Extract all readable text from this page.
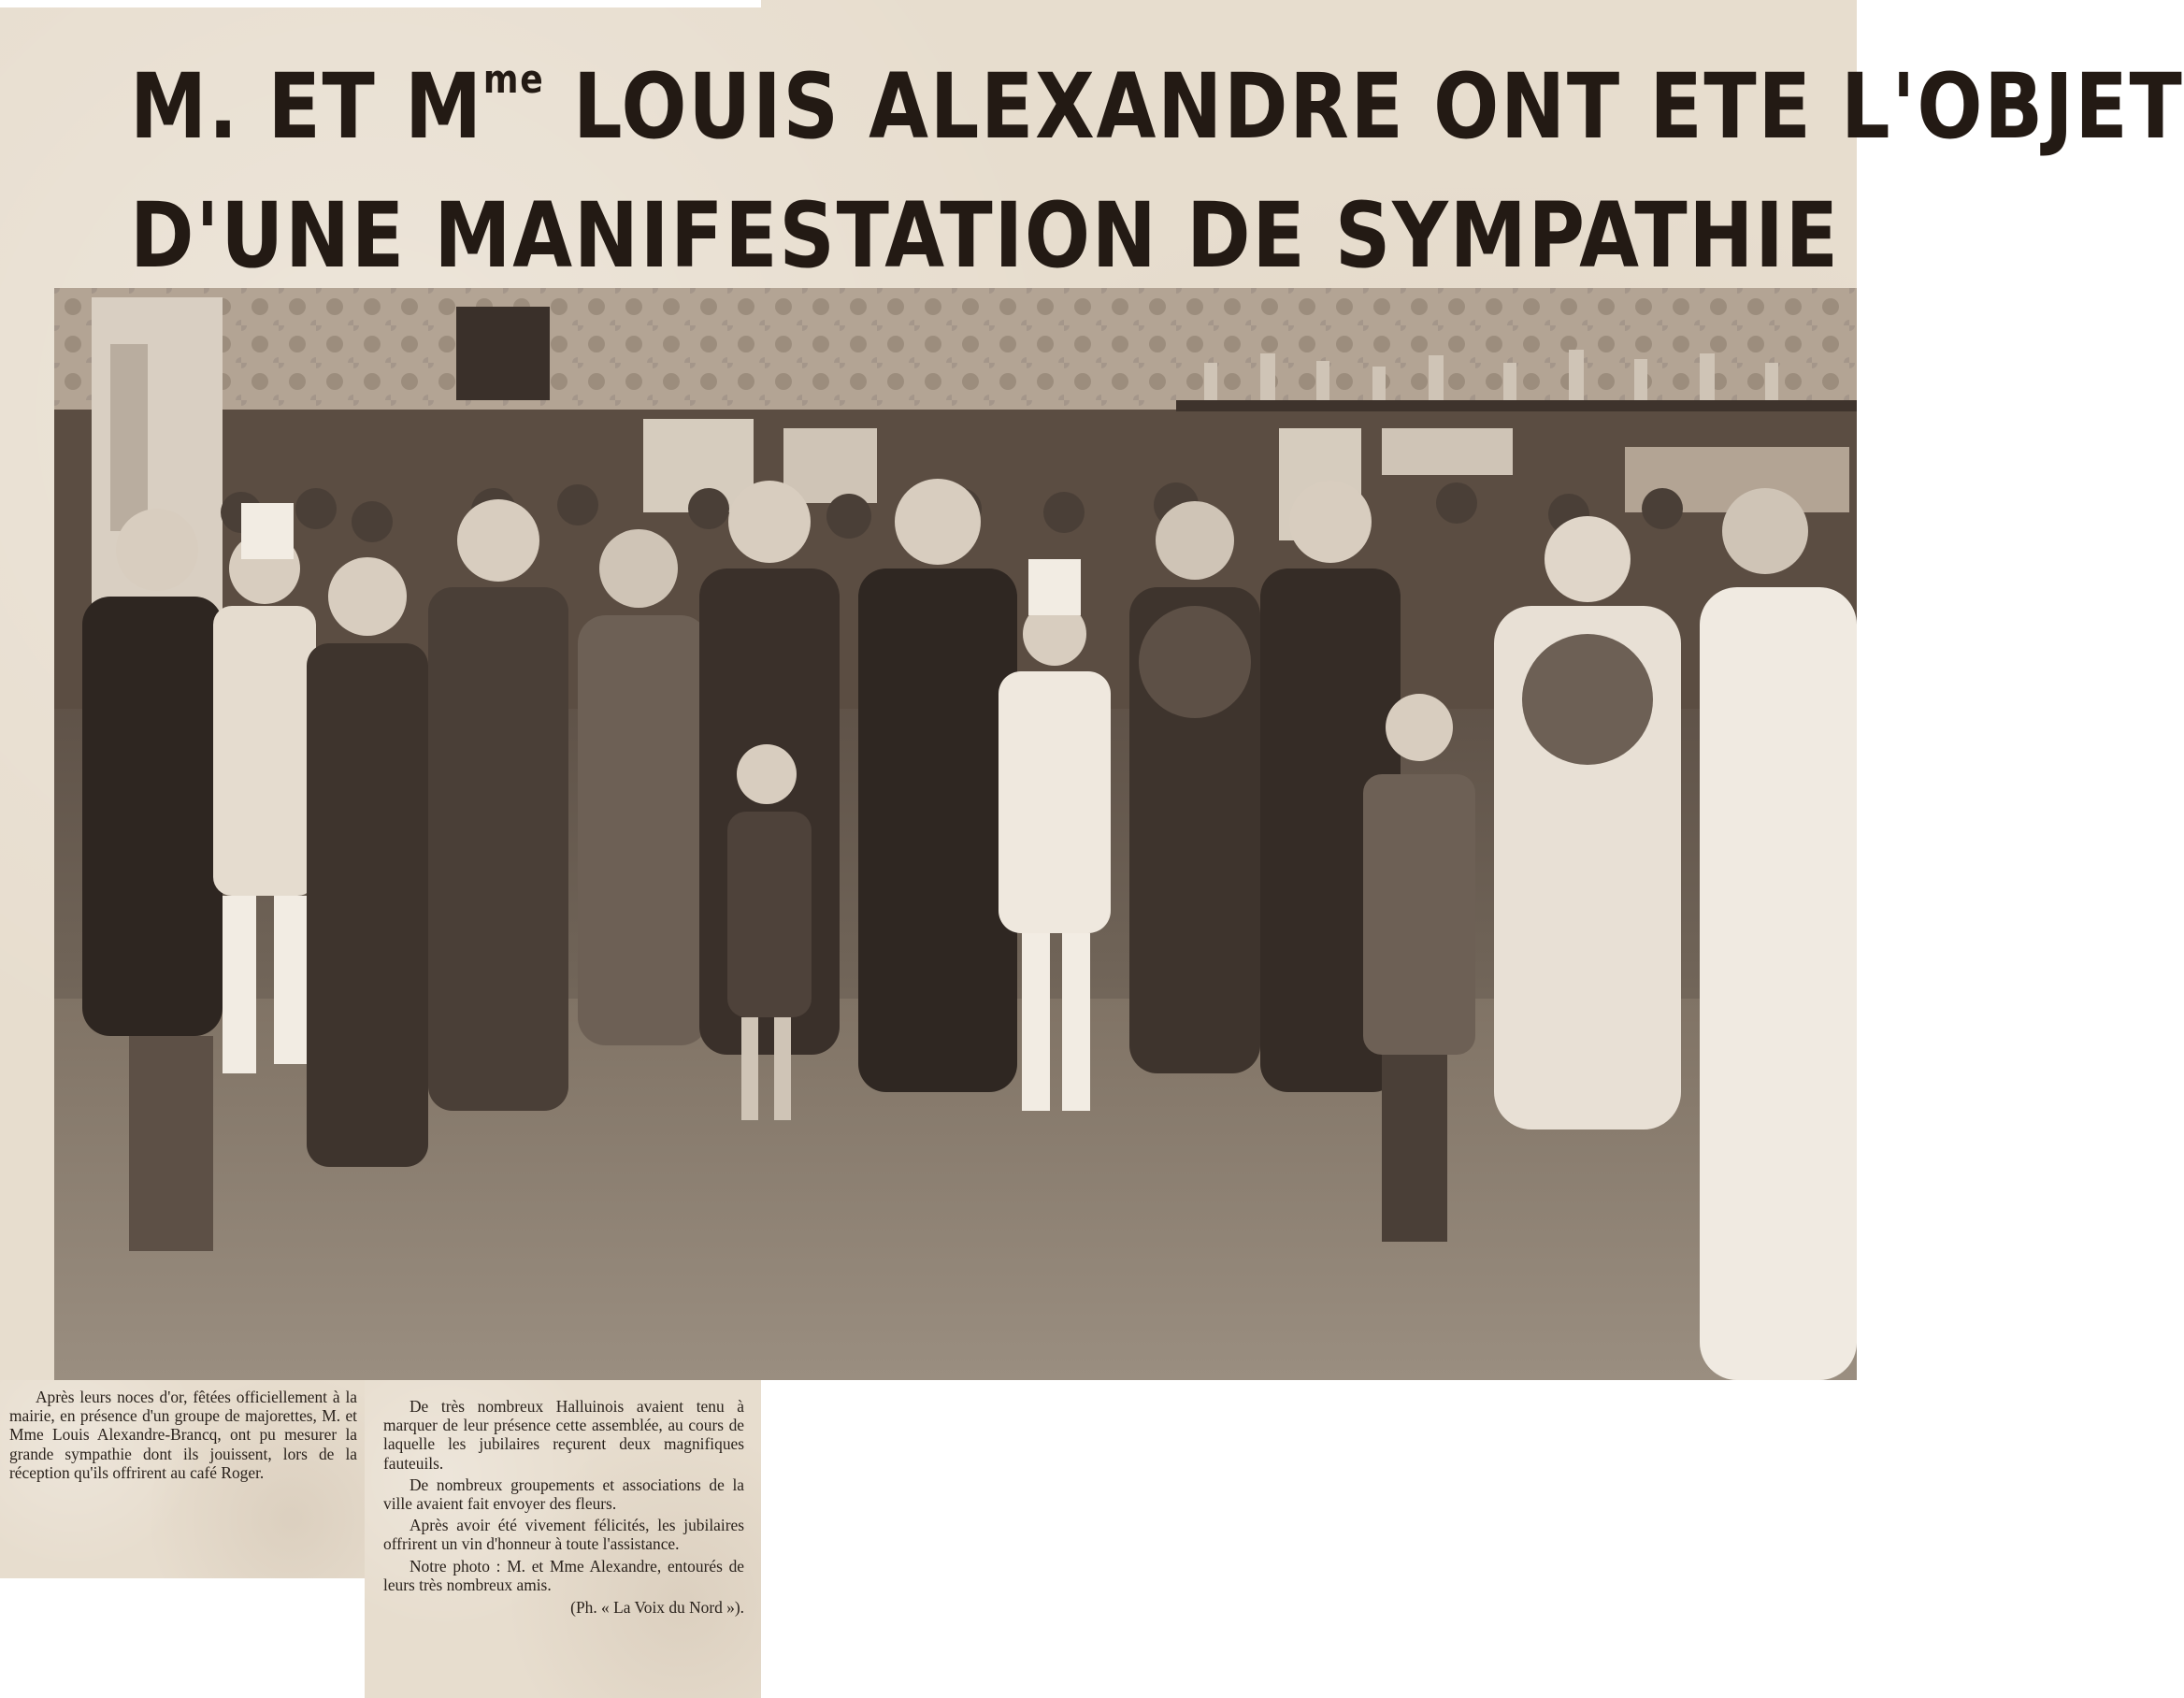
M. ET $M^{me}$ LOUIS ALEXANDRE ONT ETE L'OBJET
D'UNE MANIFESTATION DE SYMPATHIE

Après leurs noces d'or, fêtées officiellement à la mairie, en présence d'un groupe de majorettes, M. et Mme Louis Alexandre-Brancq, ont pu mesurer la grande sympathie dont ils jouissent, lors de la réception qu'ils offrirent au café Roger.

De très nombreux Halluinois avaient tenu à marquer de leur présence cette assemblée, au cours de laquelle les jubilaires reçurent deux magnifiques fauteuils.

De nombreux groupements et associations de la ville avaient fait envoyer des fleurs.

Après avoir été vivement félicités, les jubilaires offrirent un vin d'honneur à toute l'assistance.

Notre photo : M. et Mme Alexandre, entourés de leurs très nombreux amis.

(Ph. « La Voix du Nord »).
